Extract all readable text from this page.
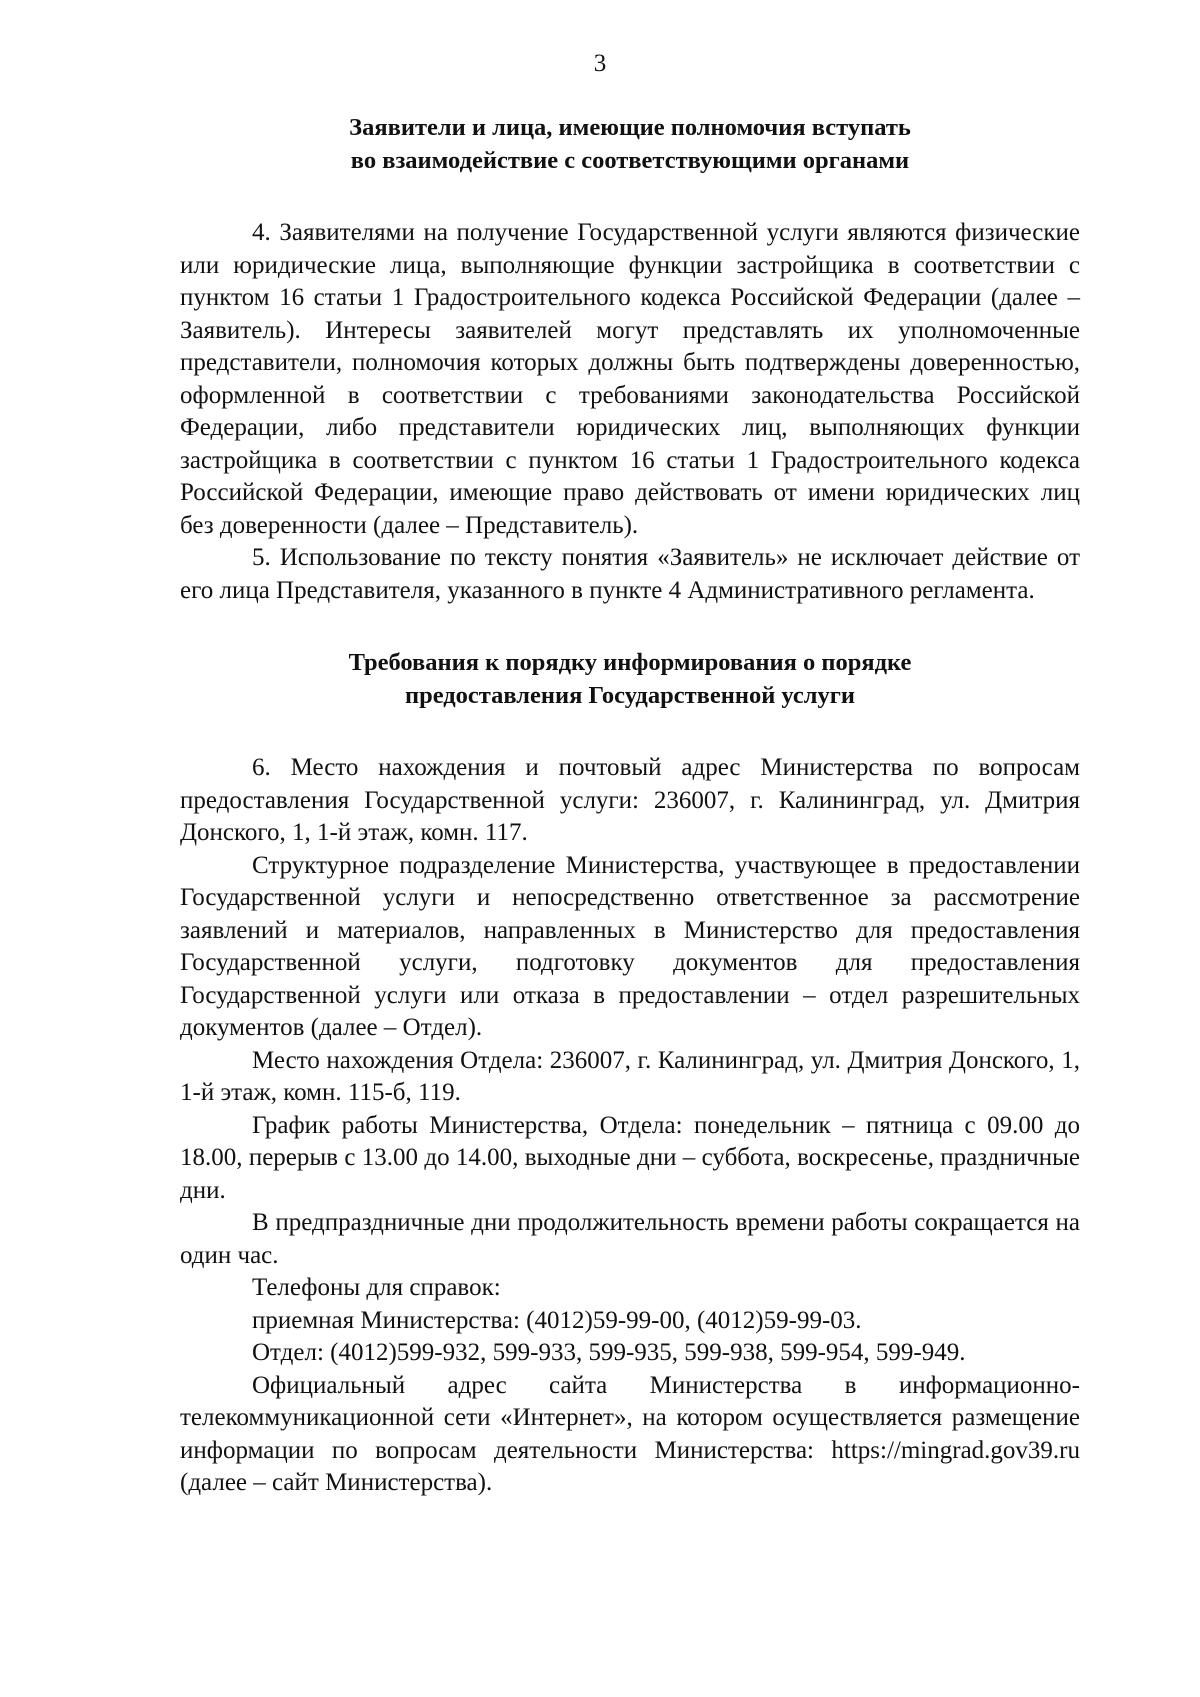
3
Заявители и лица, имеющие полномочия вступать
во взаимодействие с соответствующими органами

4. Заявителями на получение Государственной услуги являются физические или юридические лица, выполняющие функции застройщика в соответствии с пунктом 16 статьи 1 Градостроительного кодекса Российской Федерации (далее – Заявитель). Интересы заявителей могут представлять их уполномоченные представители, полномочия которых должны быть подтверждены доверенностью, оформленной в соответствии с требованиями законодательства Российской Федерации, либо представители юридических лиц, выполняющих функции застройщика в соответствии с пунктом 16 статьи 1 Градостроительного кодекса Российской Федерации, имеющие право действовать от имени юридических лиц без доверенности (далее – Представитель).

5. Использование по тексту понятия «Заявитель» не исключает действие от его лица Представителя, указанного в пункте 4 Административного регламента.

Требования к порядку информирования о порядке
предоставления Государственной услуги

6. Место нахождения и почтовый адрес Министерства по вопросам предоставления Государственной услуги: 236007, г. Калининград, ул. Дмитрия Донского, 1, 1-й этаж, комн. 117.

Структурное подразделение Министерства, участвующее в предоставлении Государственной услуги и непосредственно ответственное за рассмотрение заявлений и материалов, направленных в Министерство для предоставления Государственной услуги, подготовку документов для предоставления Государственной услуги или отказа в предоставлении – отдел разрешительных документов (далее – Отдел).

Место нахождения Отдела: 236007, г. Калининград, ул. Дмитрия Донского, 1, 1-й этаж, комн. 115-б, 119.

График работы Министерства, Отдела: понедельник – пятница с 09.00 до 18.00, перерыв с 13.00 до 14.00, выходные дни – суббота, воскресенье, праздничные дни.

В предпраздничные дни продолжительность времени работы сокращается на один час.

Телефоны для справок:

приемная Министерства: (4012)59-99-00, (4012)59-99-03.

Отдел: (4012)599-932, 599-933, 599-935, 599-938, 599-954, 599-949.

Официальный адрес сайта Министерства в информационно-телекоммуникационной сети «Интернет», на котором осуществляется размещение информации по вопросам деятельности Министерства: https://mingrad.gov39.ru (далее – сайт Министерства).
